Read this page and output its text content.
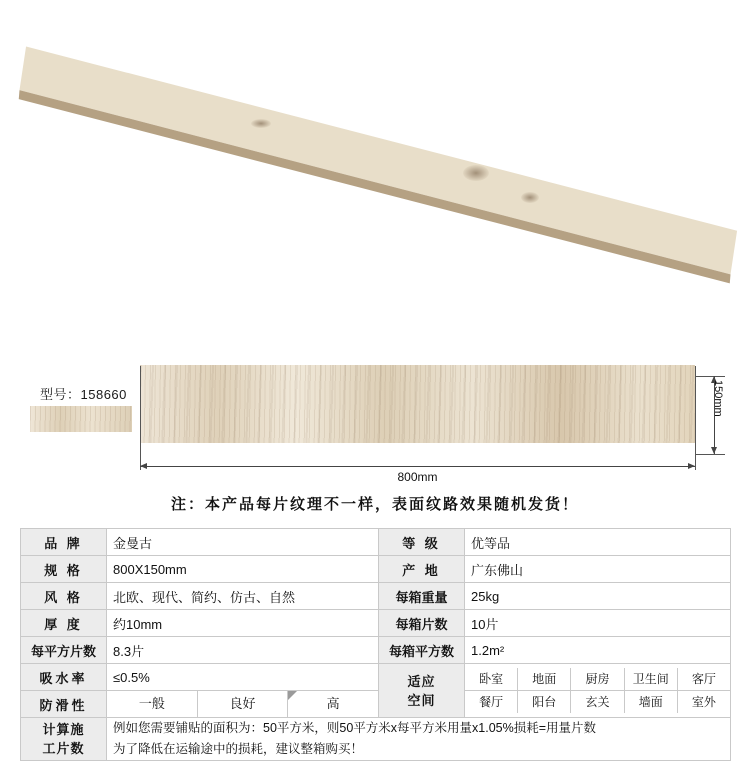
型号：158660
800mm
150mm
注：本产品每片纹理不一样，表面纹路效果随机发货！
品 牌	金曼古	等 级	优等品
规 格	800X150mm	产 地	广东佛山
风 格	北欧、现代、简约、仿古、自然	每箱重量	25kg
厚 度	约10mm	每箱片数	10片
每平方片数	8.3片	每箱平方数	1.2m²
吸水率	≤0.5%	适应
空间

卧室	地面	厨房	卫生间	客厅
餐厅	阳台	玄关	墙面	室外

防滑性	一般 良好 高		

计算施
工片数

例如您需要铺贴的面积为：50平方米，则50平方米x每平方米用量x1.05%损耗=用量片数
为了降低在运输途中的损耗，建议整箱购买！
